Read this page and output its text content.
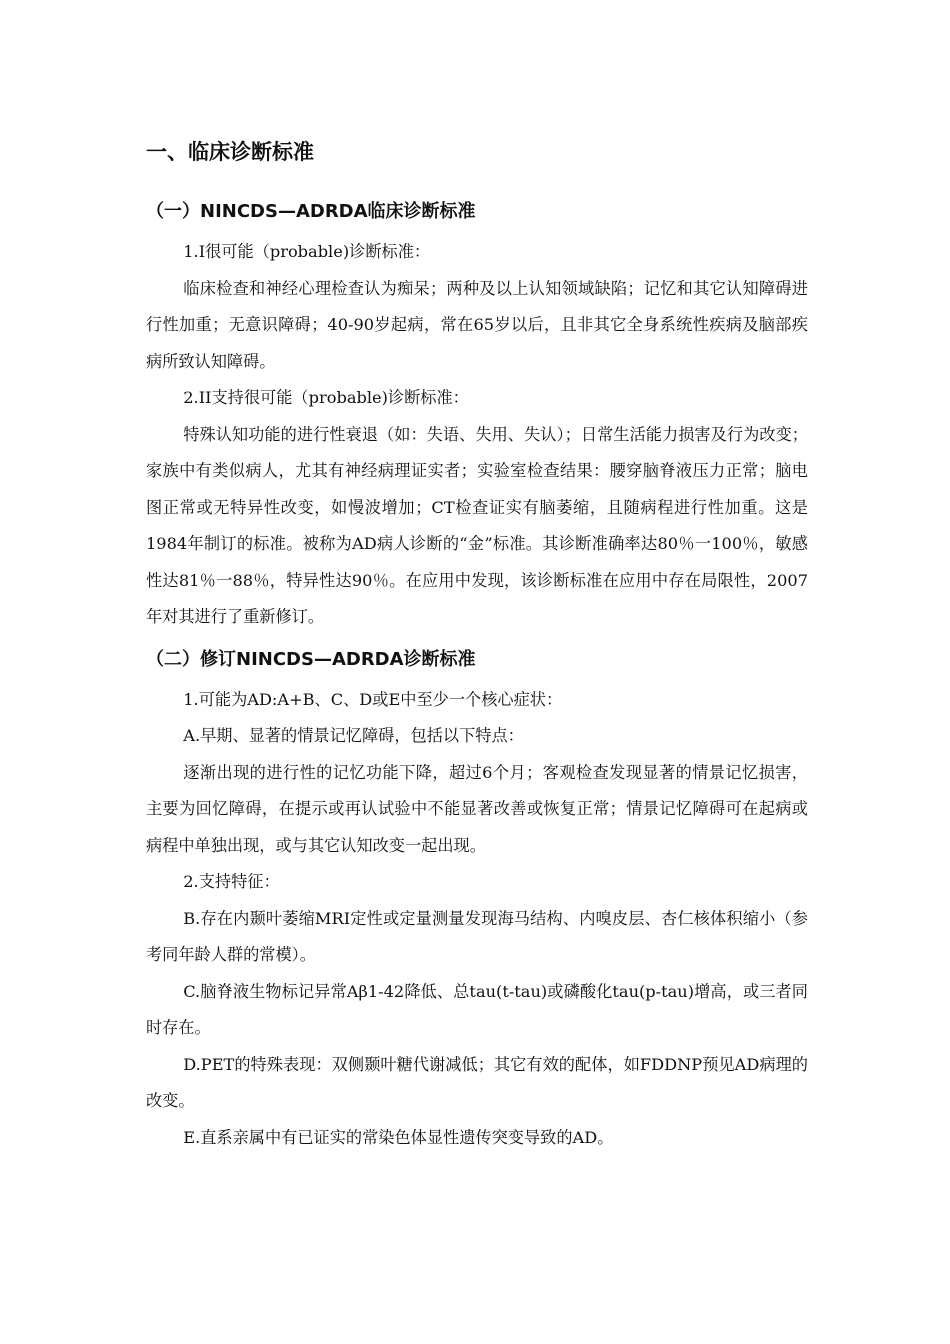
一、临床诊断标准
（一）NINCDS—ADRDA临床诊断标准

1.I很可能（probable)诊断标准：

临床检查和神经心理检查认为痴呆；两种及以上认知领域缺陷；记忆和其它认知障碍进行性加重；无意识障碍；40-90岁起病，常在65岁以后，且非其它全身系统性疾病及脑部疾病所致认知障碍。

2.II支持很可能（probable)诊断标准：

特殊认知功能的进行性衰退（如：失语、失用、失认）；日常生活能力损害及行为改变；家族中有类似病人，尤其有神经病理证实者；实验室检查结果：腰穿脑脊液压力正常；脑电图正常或无特异性改变，如慢波增加；CT检查证实有脑萎缩，且随病程进行性加重。这是1984年制订的标准。被称为AD病人诊断的“金”标准。其诊断准确率达80％一100％，敏感性达81％一88％，特异性达90％。在应用中发现，该诊断标准在应用中存在局限性，2007年对其进行了重新修订。

（二）修订NINCDS—ADRDA诊断标准

1.可能为AD:A+B、C、D或E中至少一个核心症状：

A.早期、显著的情景记忆障碍，包括以下特点：

逐渐出现的进行性的记忆功能下降，超过6个月；客观检查发现显著的情景记忆损害，主要为回忆障碍，在提示或再认试验中不能显著改善或恢复正常；情景记忆障碍可在起病或病程中单独出现，或与其它认知改变一起出现。

2.支持特征：

B.存在内颞叶萎缩MRI定性或定量测量发现海马结构、内嗅皮层、杏仁核体积缩小（参考同年龄人群的常模）。

C.脑脊液生物标记异常Aβ1-42降低、总tau(t-tau)或磷酸化tau(p-tau)增高，或三者同时存在。

D.PET的特殊表现：双侧颞叶糖代谢减低；其它有效的配体，如FDDNP预见AD病理的改变。

E.直系亲属中有已证实的常染色体显性遗传突变导致的AD。
